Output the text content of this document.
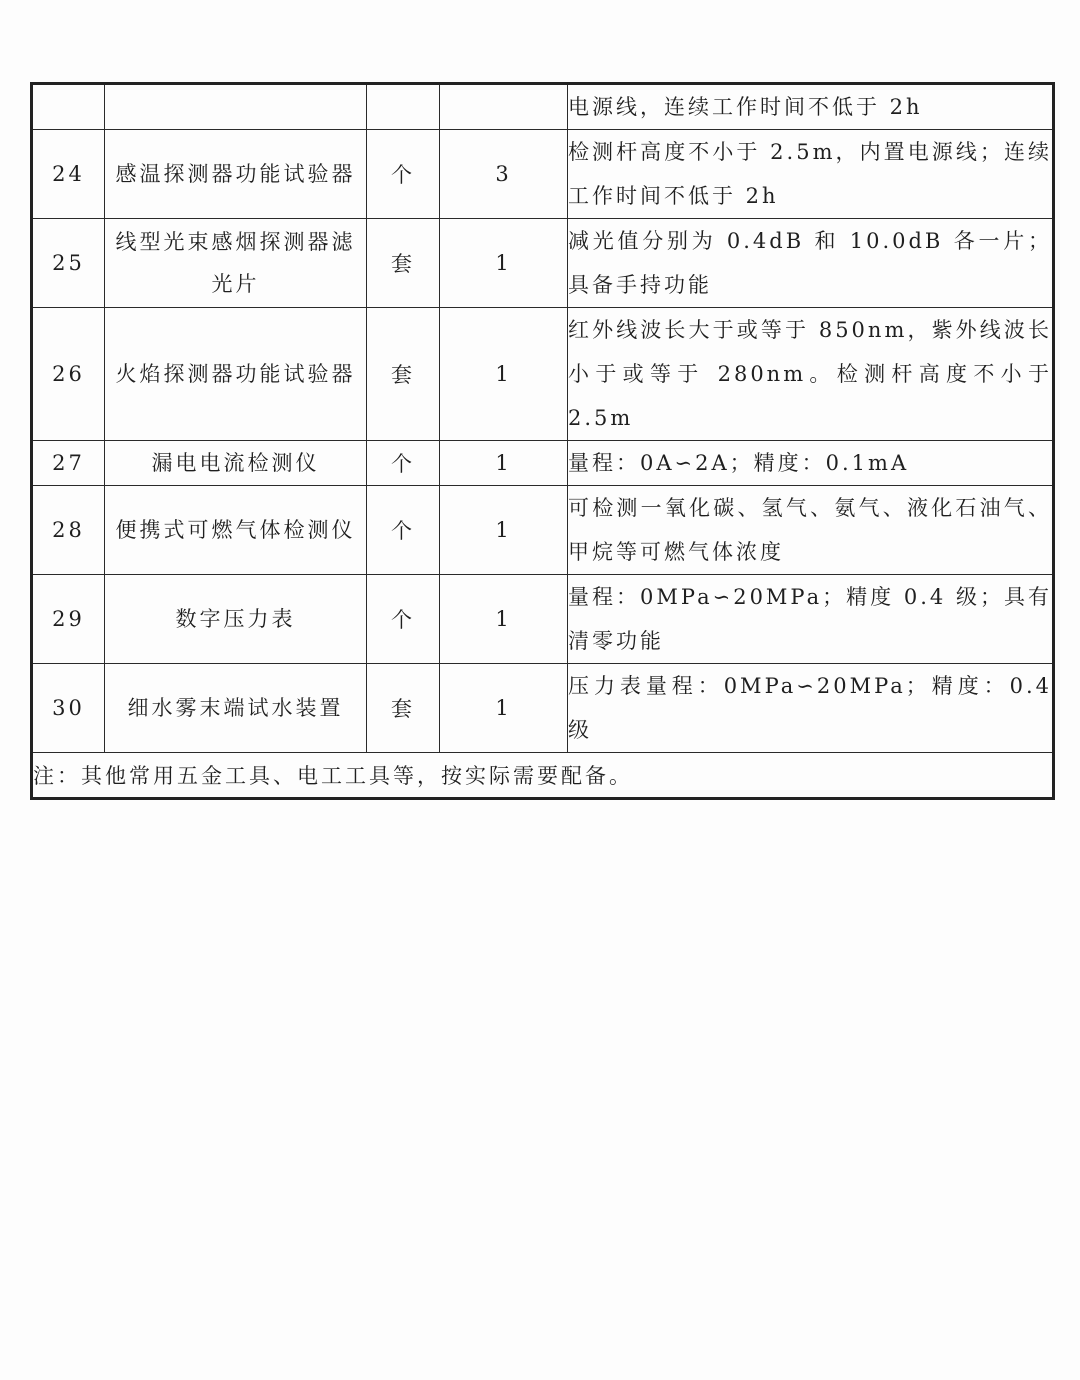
				电源线，连续工作时间不低于 2h
24	感温探测器功能试验器	个	3	检测杆高度不小于 2.5m，内置电源线；连续工作时间不低于 2h
25	线型光束感烟探测器滤光片	套	1	减光值分别为 0.4dB 和 10.0dB 各一片；具备手持功能
26	火焰探测器功能试验器	套	1	红外线波长大于或等于 850nm，紫外线波长小于或等于 280nm。检测杆高度不小于 2.5m
27	漏电电流检测仪	个	1	量程：0A∽2A；精度：0.1mA
28	便携式可燃气体检测仪	个	1	可检测一氧化碳、氢气、氨气、液化石油气、甲烷等可燃气体浓度
29	数字压力表	个	1	量程：0MPa∽20MPa；精度 0.4 级；具有清零功能
30	细水雾末端试水装置	套	1	压力表量程：0MPa∽20MPa；精度：0.4 级
注：其他常用五金工具、电工工具等，按实际需要配备。				
